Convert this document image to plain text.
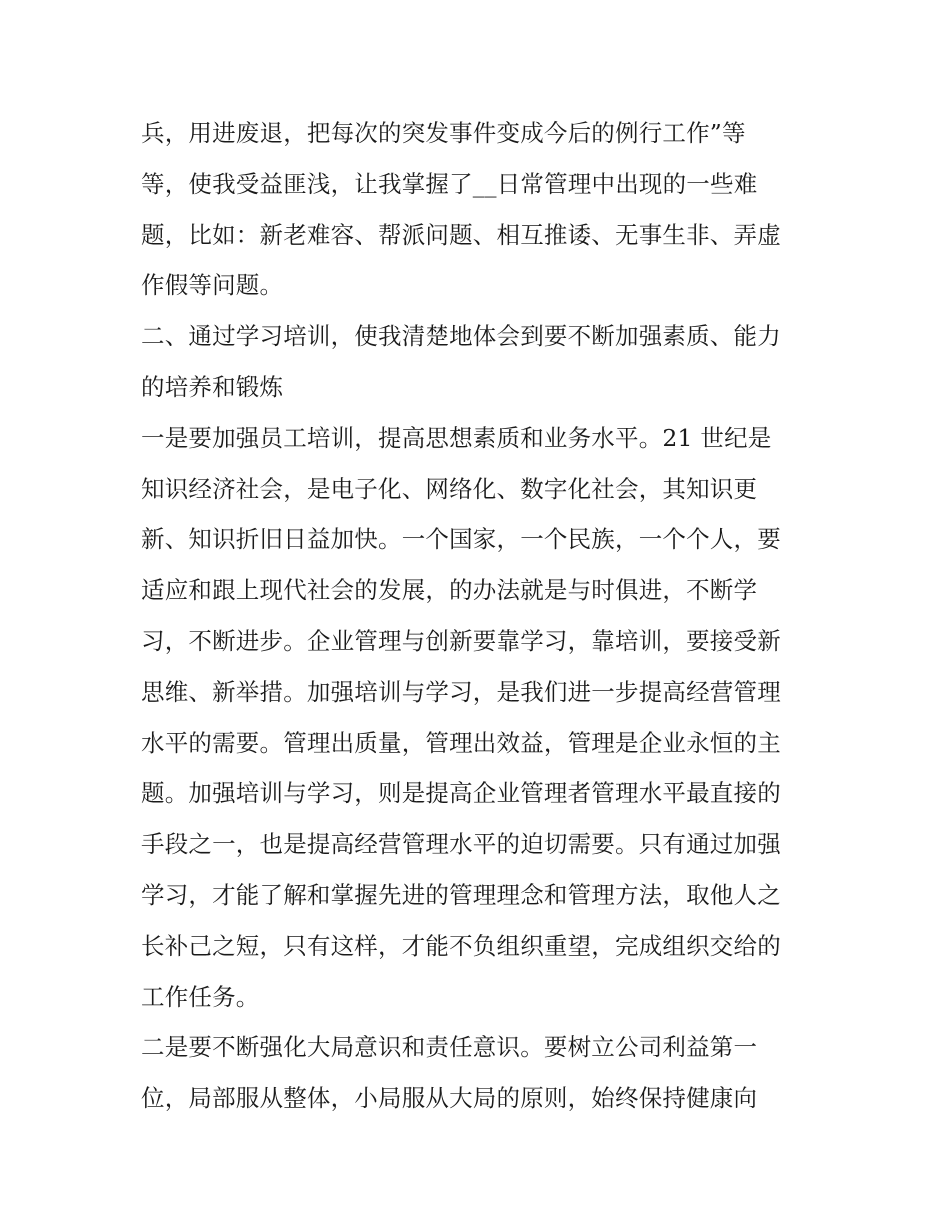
兵，用进废退，把每次的突发事件变成今后的例行工作”等
等，使我受益匪浅，让我掌握了__日常管理中出现的一些难
题，比如：新老难容、帮派问题、相互推诿、无事生非、弄虚
作假等问题。
二、通过学习培训，使我清楚地体会到要不断加强素质、能力
的培养和锻炼
一是要加强员工培训，提高思想素质和业务水平。21 世纪是
知识经济社会，是电子化、网络化、数字化社会，其知识更
新、知识折旧日益加快。一个国家，一个民族，一个个人，要
适应和跟上现代社会的发展，的办法就是与时俱进，不断学
习，不断进步。企业管理与创新要靠学习，靠培训，要接受新
思维、新举措。加强培训与学习，是我们进一步提高经营管理
水平的需要。管理出质量，管理出效益，管理是企业永恒的主
题。加强培训与学习，则是提高企业管理者管理水平最直接的
手段之一，也是提高经营管理水平的迫切需要。只有通过加强
学习，才能了解和掌握先进的管理理念和管理方法，取他人之
长补己之短，只有这样，才能不负组织重望，完成组织交给的
工作任务。
二是要不断强化大局意识和责任意识。要树立公司利益第一
位，局部服从整体，小局服从大局的原则，始终保持健康向
